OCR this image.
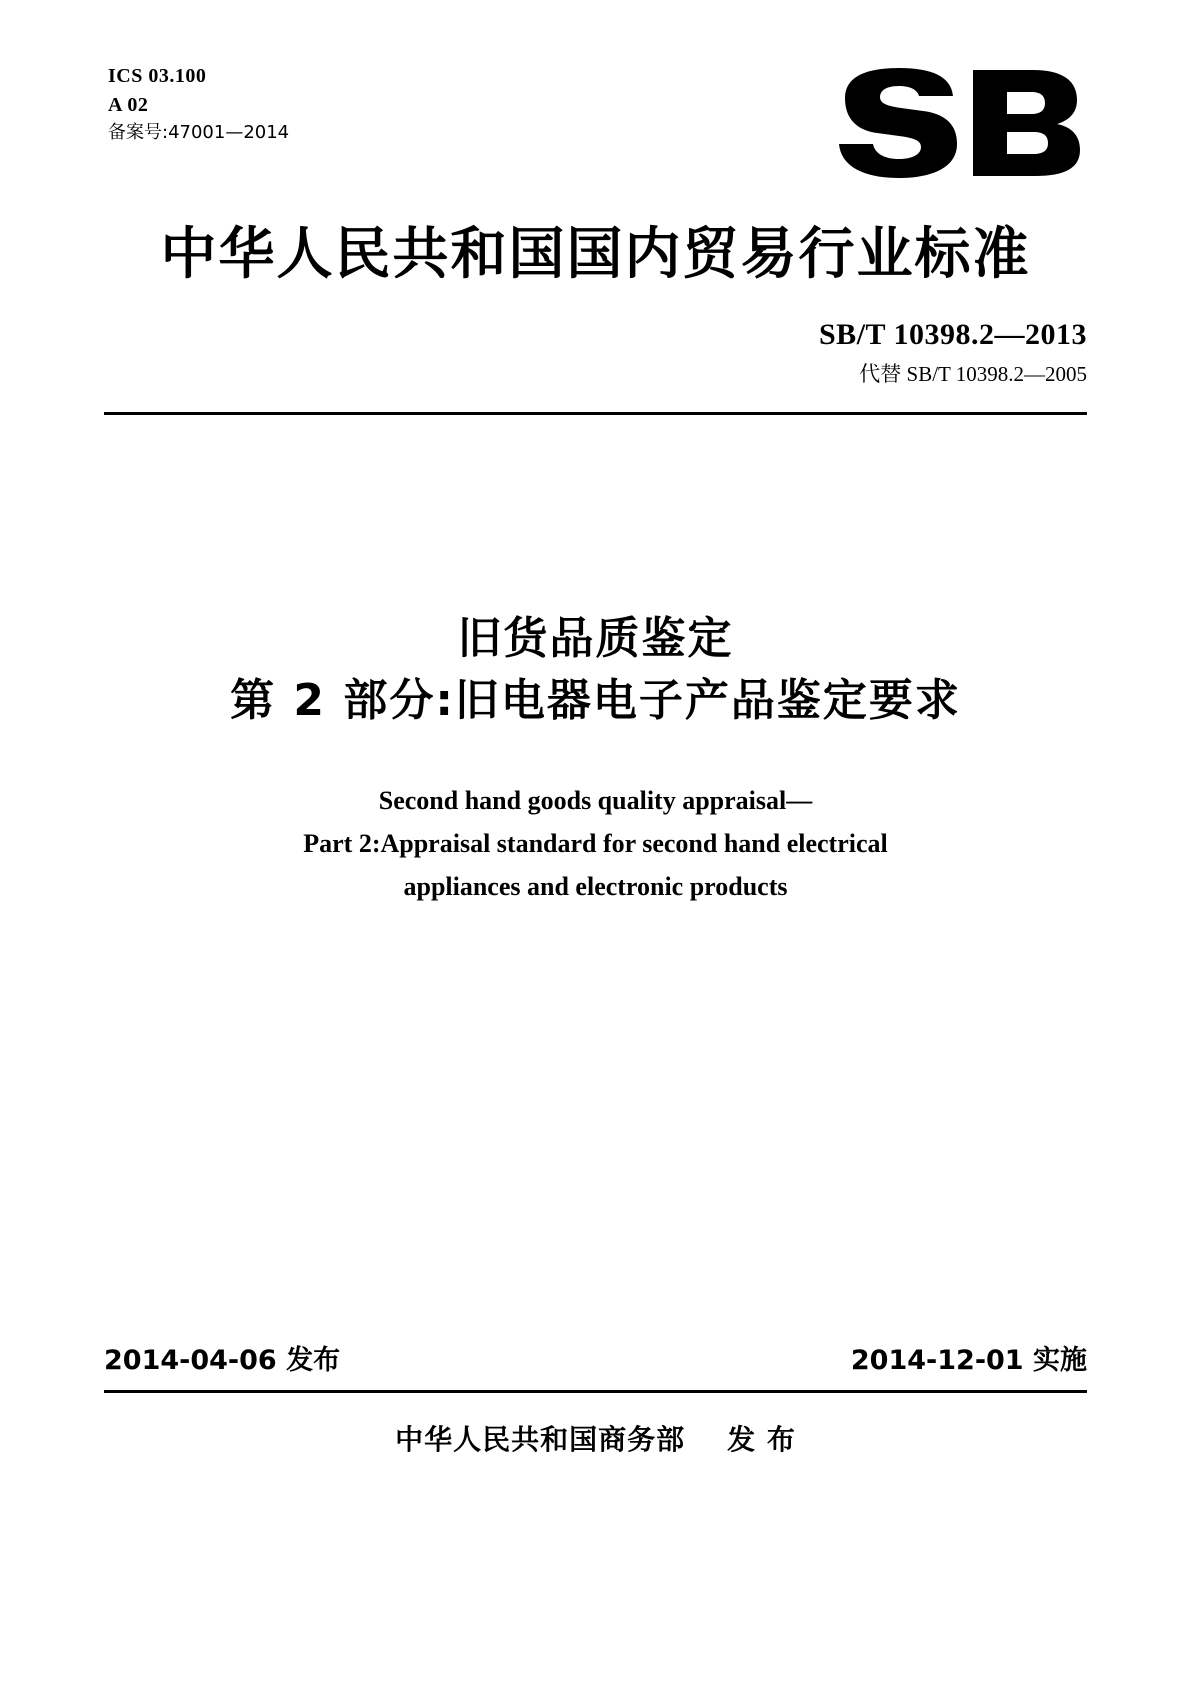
ICS 03.100
A 02
备案号:47001—2014
中华人民共和国国内贸易行业标准
SB/T 10398.2—2013
代替 SB/T 10398.2—2005
旧货品质鉴定
第 2 部分:旧电器电子产品鉴定要求
Second hand goods quality appraisal—
Part 2:Appraisal standard for second hand electrical
appliances and electronic products
2014-04-06 发布	2014-12-01 实施
中华人民共和国商务部 发 布
